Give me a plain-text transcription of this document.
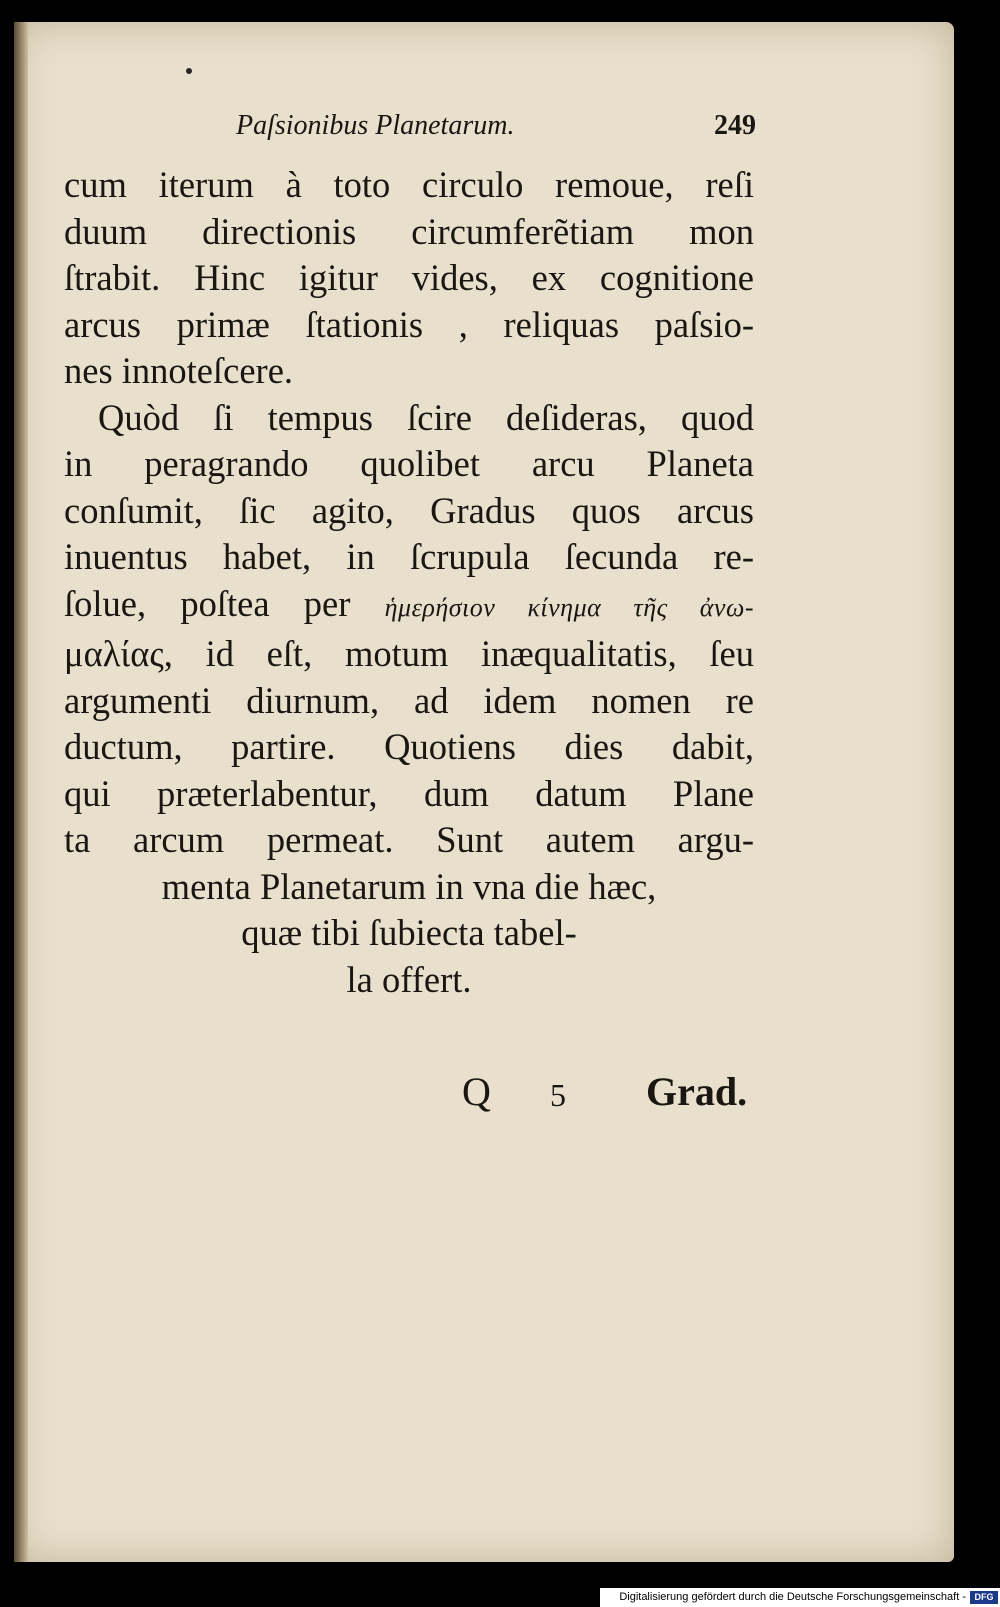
Paſsionibus Planetarum.	249
cum iterum à toto circulo remoue, reſi
duum directionis circumferẽtiam mon
ſtrabit. Hinc igitur vides, ex cognitione
arcus primæ ſtationis , reliquas paſsio-
nes innoteſcere.
Quòd ſi tempus ſcire deſideras, quod
in peragrando quolibet arcu Planeta
conſumit, ſic agito, Gradus quos arcus
inuentus habet, in ſcrupula ſecunda re-
ſolue, poſtea per ἡμερήσιον κίνημα τῆς ἀνω-
μαλίας, id eſt, motum inæqualitatis, ſeu
argumenti diurnum, ad idem nomen re
ductum, partire. Quotiens dies dabit,
qui præterlabentur, dum datum Plane
ta arcum permeat. Sunt autem argu-
menta Planetarum in vna die hæc,
quæ tibi ſubiecta tabel-
la offert.
Q 5 Grad.
Digitalisierung gefördert durch die Deutsche Forschungsgemeinschaft - DFG
